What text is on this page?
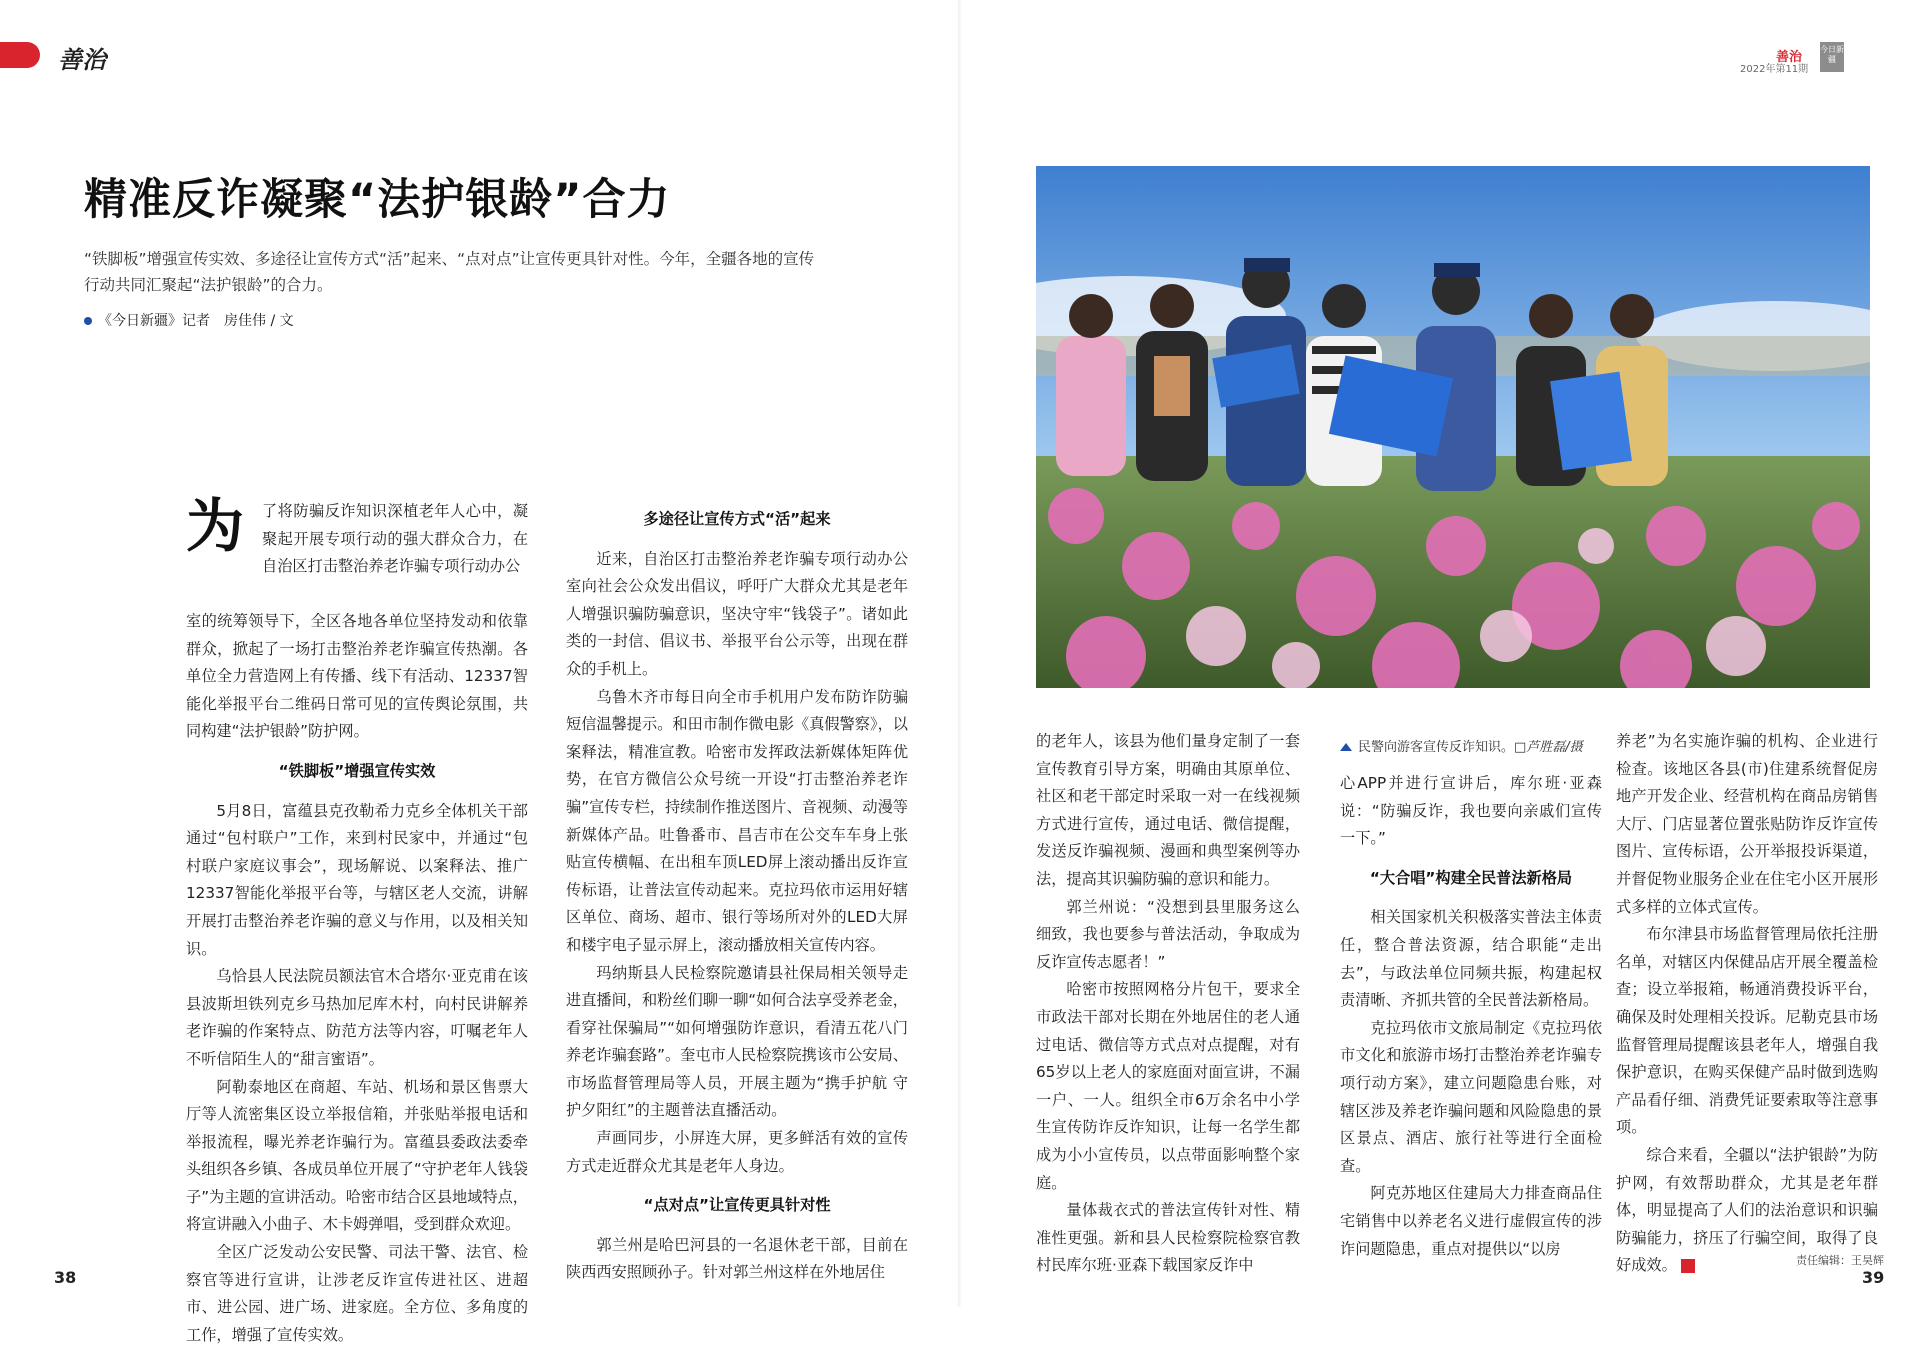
善治	善治
2022年第11期
今日新疆
精准反诈凝聚“法护银龄”合力
“铁脚板”增强宣传实效、多途径让宣传方式“活”起来、“点对点”让宣传更具针对性。今年，全疆各地的宣传行动共同汇聚起“法护银龄”的合力。
《今日新疆》记者　房佳伟 / 文
为 了将防骗反诈知识深植老年人心中，凝聚起开展专项行动的强大群众合力，在自治区打击整治养老诈骗专项行动办公

室的统筹领导下，全区各地各单位坚持发动和依靠群众，掀起了一场打击整治养老诈骗宣传热潮。各单位全力营造网上有传播、线下有活动、12337智能化举报平台二维码日常可见的宣传舆论氛围，共同构建“法护银龄”防护网。

“铁脚板”增强宣传实效

5月8日，富蕴县克孜勒希力克乡全体机关干部通过“包村联户”工作，来到村民家中，并通过“包村联户家庭议事会”，现场解说、以案释法、推广12337智能化举报平台等，与辖区老人交流，讲解开展打击整治养老诈骗的意义与作用，以及相关知识。

乌恰县人民法院员额法官木合塔尔·亚克甫在该县波斯坦铁列克乡马热加尼库木村，向村民讲解养老诈骗的作案特点、防范方法等内容，叮嘱老年人不听信陌生人的“甜言蜜语”。

阿勒泰地区在商超、车站、机场和景区售票大厅等人流密集区设立举报信箱，并张贴举报电话和举报流程，曝光养老诈骗行为。富蕴县委政法委牵头组织各乡镇、各成员单位开展了“守护老年人钱袋子”为主题的宣讲活动。哈密市结合区县地域特点，将宣讲融入小曲子、木卡姆弹唱，受到群众欢迎。

全区广泛发动公安民警、司法干警、法官、检察官等进行宣讲，让涉老反诈宣传进社区、进超市、进公园、进广场、进家庭。全方位、多角度的工作，增强了宣传实效。

多途径让宣传方式“活”起来

近来，自治区打击整治养老诈骗专项行动办公室向社会公众发出倡议，呼吁广大群众尤其是老年人增强识骗防骗意识，坚决守牢“钱袋子”。诸如此类的一封信、倡议书、举报平台公示等，出现在群众的手机上。

乌鲁木齐市每日向全市手机用户发布防诈防骗短信温馨提示。和田市制作微电影《真假警察》，以案释法，精准宣教。哈密市发挥政法新媒体矩阵优势，在官方微信公众号统一开设“打击整治养老诈骗”宣传专栏，持续制作推送图片、音视频、动漫等新媒体产品。吐鲁番市、昌吉市在公交车车身上张贴宣传横幅、在出租车顶LED屏上滚动播出反诈宣传标语，让普法宣传动起来。克拉玛依市运用好辖区单位、商场、超市、银行等场所对外的LED大屏和楼宇电子显示屏上，滚动播放相关宣传内容。

玛纳斯县人民检察院邀请县社保局相关领导走进直播间，和粉丝们聊一聊“如何合法享受养老金，看穿社保骗局”“如何增强防诈意识，看清五花八门养老诈骗套路”。奎屯市人民检察院携该市公安局、市场监督管理局等人员，开展主题为“携手护航 守护夕阳红”的主题普法直播活动。

声画同步，小屏连大屏，更多鲜活有效的宣传方式走近群众尤其是老年人身边。

“点对点”让宣传更具针对性

郭兰州是哈巴河县的一名退休老干部，目前在陕西西安照顾孙子。针对郭兰州这样在外地居住

民警向游客宣传反诈知识。□芦胜磊/摄

的老年人，该县为他们量身定制了一套宣传教育引导方案，明确由其原单位、社区和老干部定时采取一对一在线视频方式进行宣传，通过电话、微信提醒，发送反诈骗视频、漫画和典型案例等办法，提高其识骗防骗的意识和能力。

郭兰州说：“没想到县里服务这么细致，我也要参与普法活动，争取成为反诈宣传志愿者！”

哈密市按照网格分片包干，要求全市政法干部对长期在外地居住的老人通过电话、微信等方式点对点提醒，对有65岁以上老人的家庭面对面宣讲，不漏一户、一人。组织全市6万余名中小学生宣传防诈反诈知识，让每一名学生都成为小小宣传员，以点带面影响整个家庭。

量体裁衣式的普法宣传针对性、精准性更强。新和县人民检察院检察官教村民库尔班·亚森下载国家反诈中

心APP并进行宣讲后，库尔班·亚森说：“防骗反诈，我也要向亲戚们宣传一下。”

“大合唱”构建全民普法新格局

相关国家机关积极落实普法主体责任，整合普法资源，结合职能“走出去”，与政法单位同频共振，构建起权责清晰、齐抓共管的全民普法新格局。

克拉玛依市文旅局制定《克拉玛依市文化和旅游市场打击整治养老诈骗专项行动方案》，建立问题隐患台账，对辖区涉及养老诈骗问题和风险隐患的景区景点、酒店、旅行社等进行全面检查。

阿克苏地区住建局大力排查商品住宅销售中以养老名义进行虚假宣传的涉诈问题隐患，重点对提供以“以房

养老”为名实施诈骗的机构、企业进行检查。该地区各县(市)住建系统督促房地产开发企业、经营机构在商品房销售大厅、门店显著位置张贴防诈反诈宣传图片、宣传标语，公开举报投诉渠道，并督促物业服务企业在住宅小区开展形式多样的立体式宣传。

布尔津县市场监督管理局依托注册名单，对辖区内保健品店开展全覆盖检查；设立举报箱，畅通消费投诉平台，确保及时处理相关投诉。尼勒克县市场监督管理局提醒该县老年人，增强自我保护意识，在购买保健产品时做到选购产品看仔细、消费凭证要索取等注意事项。

综合来看，全疆以“法护银龄”为防护网，有效帮助群众，尤其是老年群体，明显提高了人们的法治意识和识骗防骗能力，挤压了行骗空间，取得了良好成效。

38
责任编辑：王昊辉
39
